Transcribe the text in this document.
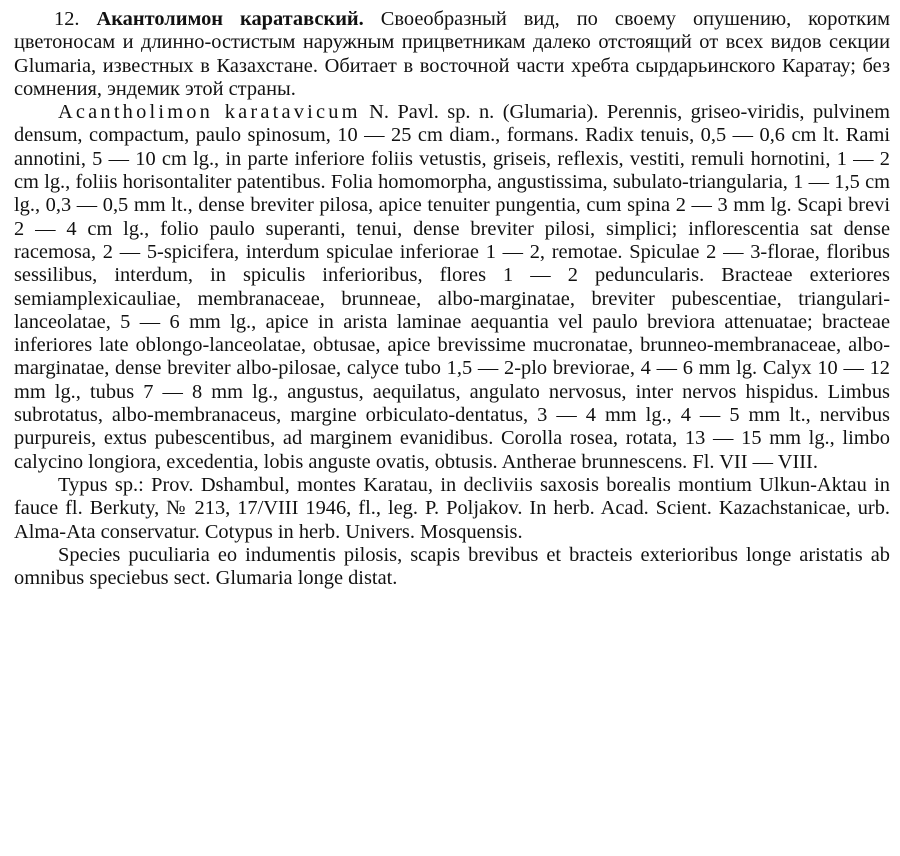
12. Акантолимон каратавский. Своеобразный вид, по своему опушению, коротким цветоносам и длинно-остистым наружным прицветникам далеко отстоящий от всех видов секции Glumaria, известных в Казахстане. Обитает в восточной части хребта сырдарьинского Каратау; без сомнения, эндемик этой страны.

Acantholimon karatavicum N. Pavl. sp. n. (Glumaria). Perennis, griseo-viridis, pulvinem densum, compactum, paulo spinosum, 10 — 25 cm diam., formans. Radix tenuis, 0,5 — 0,6 cm lt. Rami annotini, 5 — 10 cm lg., in parte inferiore foliis vetustis, griseis, reflexis, vestiti, remuli hornotini, 1 — 2 cm lg., foliis horisontaliter patentibus. Folia homomorpha, angustissima, subulato-triangularia, 1 — 1,5 cm lg., 0,3 — 0,5 mm lt., dense breviter pilosa, apice tenuiter pungentia, cum spina 2 — 3 mm lg. Scapi brevi 2 — 4 cm lg., folio paulo superanti, tenui, dense breviter pilosi, simplici; inflorescentia sat dense racemosa, 2 — 5-spicifera, interdum spiculae inferiorae 1 — 2, remotae. Spiculae 2 — 3-florae, floribus sessilibus, interdum, in spiculis inferioribus, flores 1 — 2 peduncularis. Bracteae exteriores semiamplexicauliae, membranaceae, brunneae, albo-marginatae, breviter pubescentiae, triangulari-lanceolatae, 5 — 6 mm lg., apice in arista laminae aequantia vel paulo breviora attenuatae; bracteae inferiores late oblongo-lanceolatae, obtusae, apice brevissime mucronatae, brunneo-membranaceae, albo-marginatae, dense breviter albo-pilosae, calyce tubo 1,5 — 2-plo breviorae, 4 — 6 mm lg. Calyx 10 — 12 mm lg., tubus 7 — 8 mm lg., angustus, aequilatus, angulato nervosus, inter nervos hispidus. Limbus subrotatus, albo-membranaceus, margine orbiculato-dentatus, 3 — 4 mm lg., 4 — 5 mm lt., nervibus purpureis, extus pubescentibus, ad marginem evanidibus. Corolla rosea, rotata, 13 — 15 mm lg., limbo calycino longiora, excedentia, lobis anguste ovatis, obtusis. Antherae brunnescens. Fl. VII — VIII.

Typus sp.: Prov. Dshambul, montes Karatau, in decliviis saxosis borealis montium Ulkun-Aktau in fauce fl. Berkuty, № 213, 17/VIII 1946, fl., leg. P. Poljakov. In herb. Acad. Scient. Kazachstanicae, urb. Alma-Ata conservatur. Cotypus in herb. Univers. Mosquensis.

Species puculiaria eo indumentis pilosis, scapis brevibus et bracteis exterioribus longe aristatis ab omnibus speciebus sect. Glumaria longe distat.
